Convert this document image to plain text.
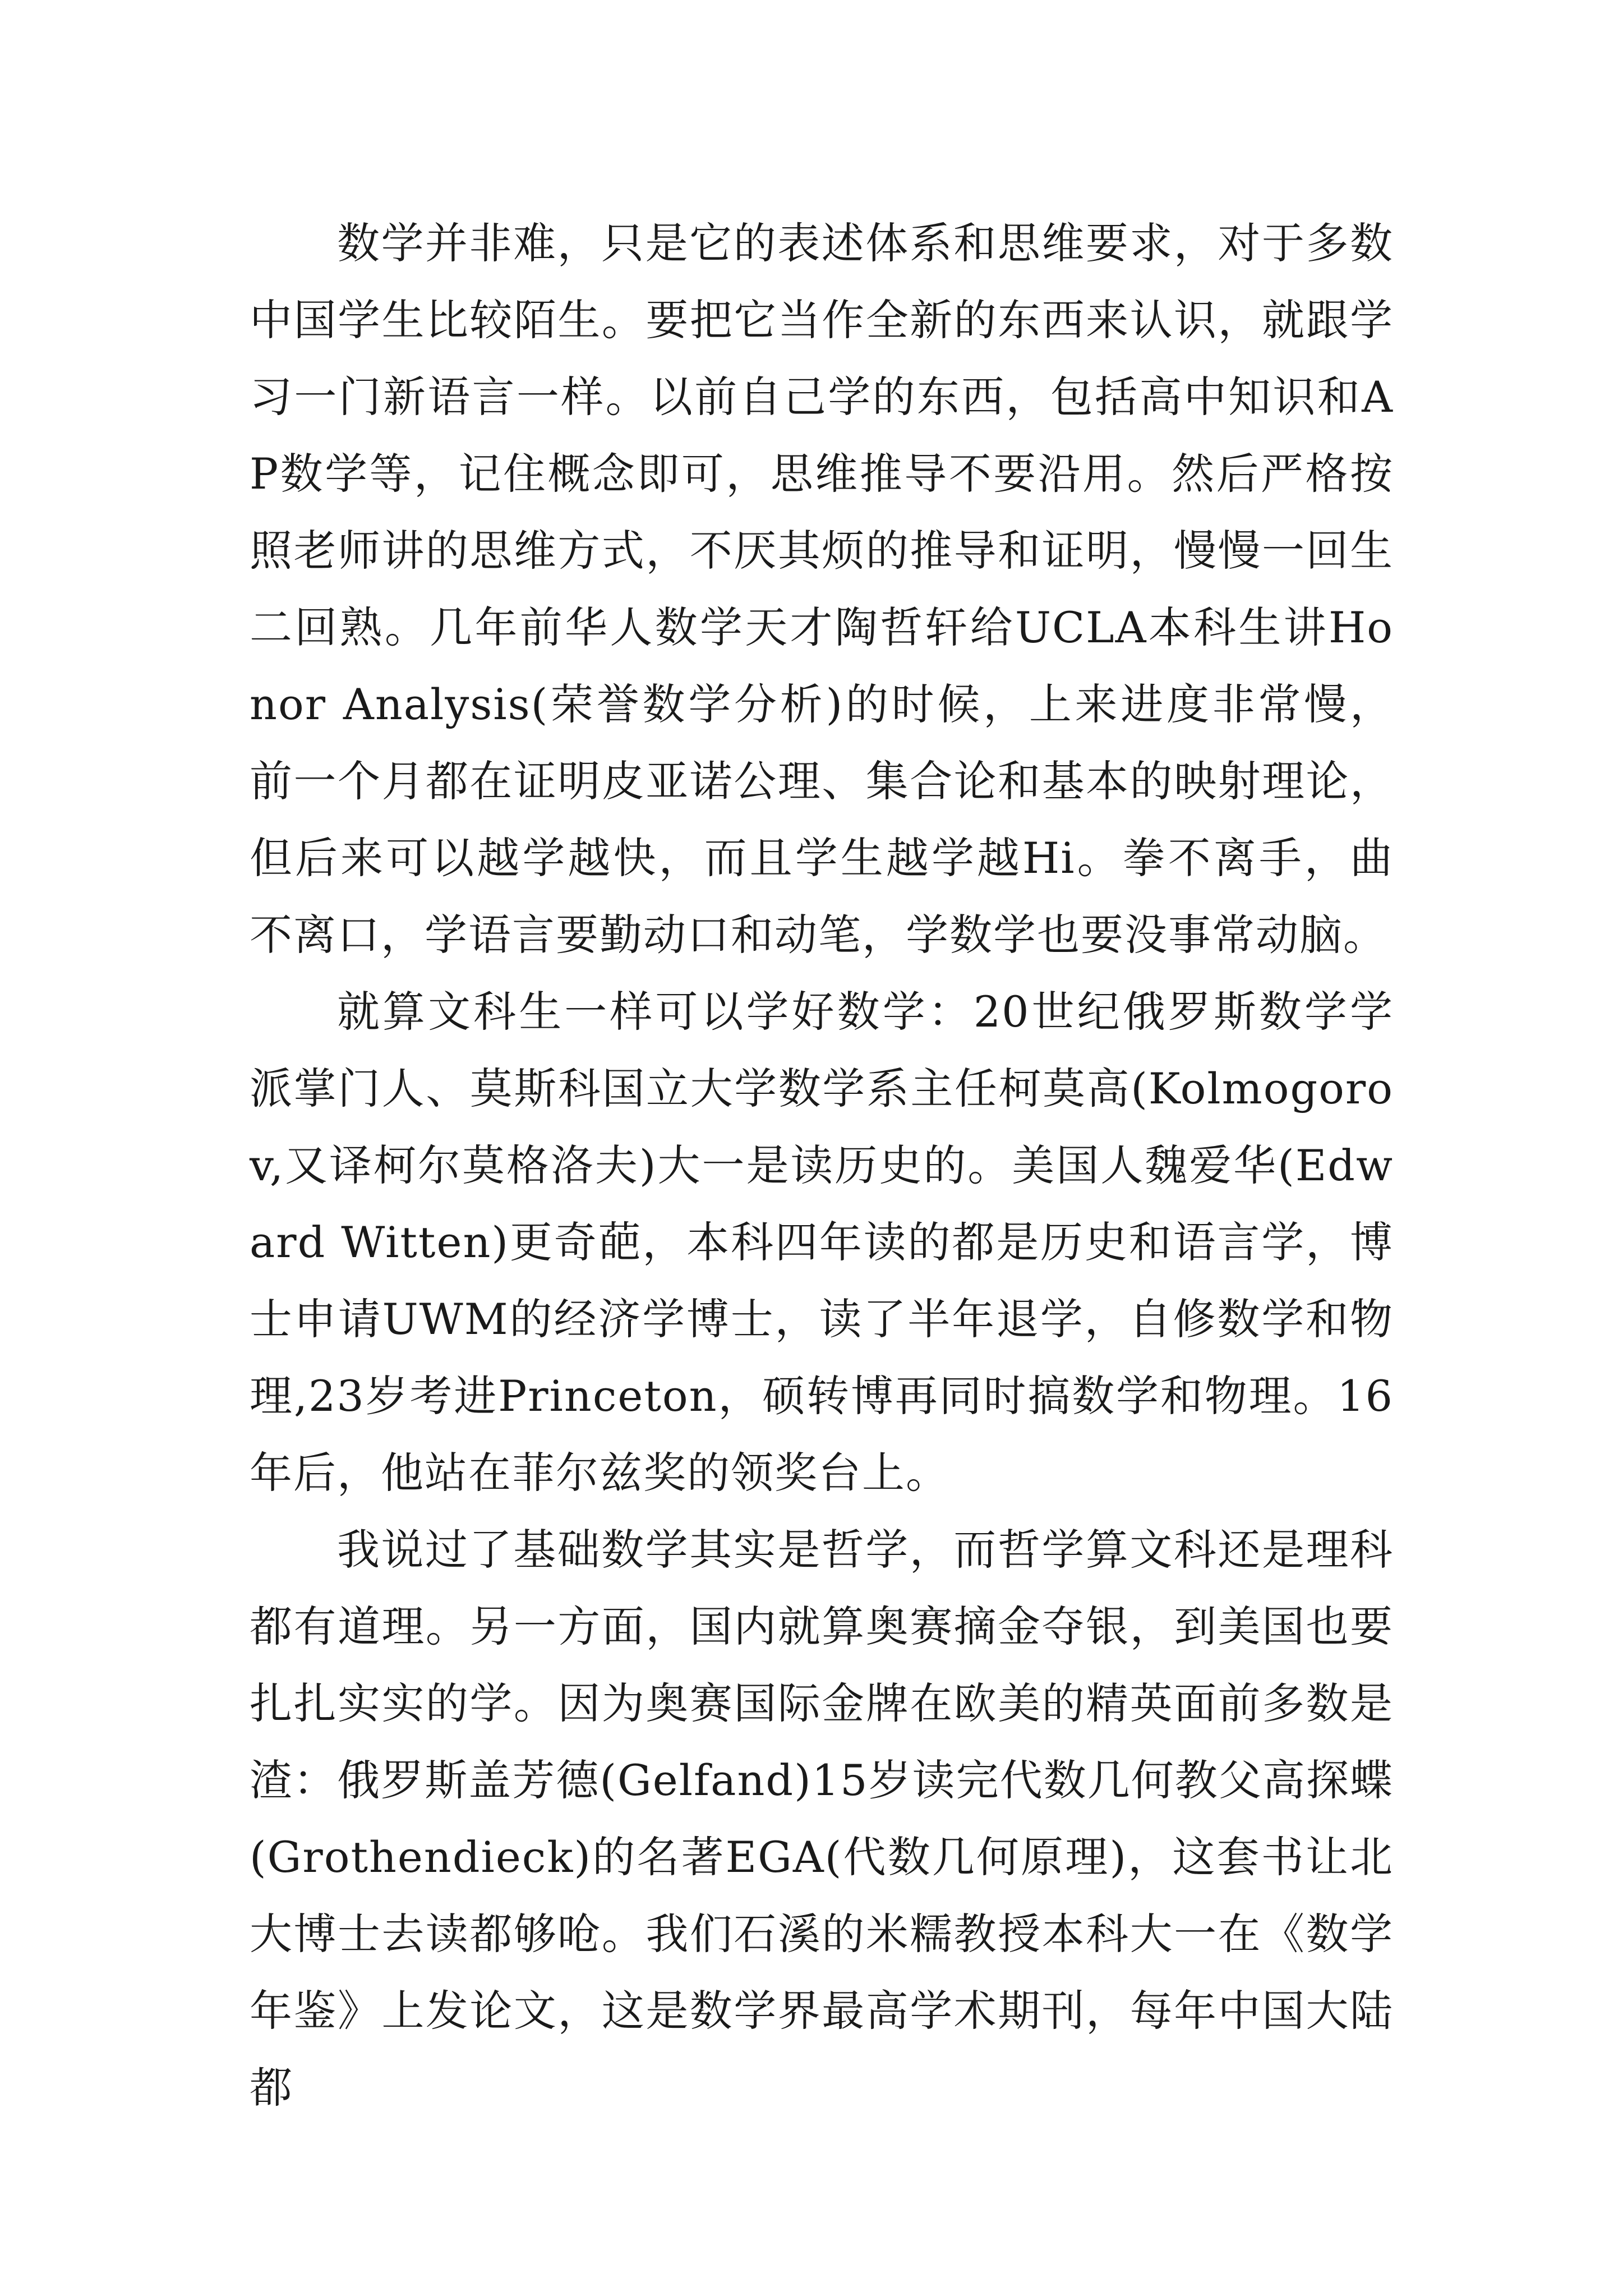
数学并非难，只是它的表述体系和思维要求，对于多数中国学生比较陌生。要把它当作全新的东西来认识，就跟学习一门新语言一样。以前自己学的东西，包括高中知识和AP数学等，记住概念即可，思维推导不要沿用。然后严格按照老师讲的思维方式，不厌其烦的推导和证明，慢慢一回生二回熟。几年前华人数学天才陶哲轩给UCLA本科生讲Honor Analysis(荣誉数学分析)的时候，上来进度非常慢，前一个月都在证明皮亚诺公理、集合论和基本的映射理论，但后来可以越学越快，而且学生越学越Hi。拳不离手，曲不离口，学语言要勤动口和动笔，学数学也要没事常动脑。

就算文科生一样可以学好数学：20世纪俄罗斯数学学派掌门人、莫斯科国立大学数学系主任柯莫高(Kolmogorov,又译柯尔莫格洛夫)大一是读历史的。美国人魏爱华(Edward Witten)更奇葩，本科四年读的都是历史和语言学，博士申请UWM的经济学博士，读了半年退学，自修数学和物理,23岁考进Princeton，硕转博再同时搞数学和物理。16年后，他站在菲尔兹奖的领奖台上。

我说过了基础数学其实是哲学，而哲学算文科还是理科都有道理。另一方面，国内就算奥赛摘金夺银，到美国也要扎扎实实的学。因为奥赛国际金牌在欧美的精英面前多数是渣：俄罗斯盖芳德(Gelfand)15岁读完代数几何教父高探蝶(Grothendieck)的名著EGA(代数几何原理)，这套书让北大博士去读都够呛。我们石溪的米糯教授本科大一在《数学年鉴》上发论文，这是数学界最高学术期刊，每年中国大陆都
